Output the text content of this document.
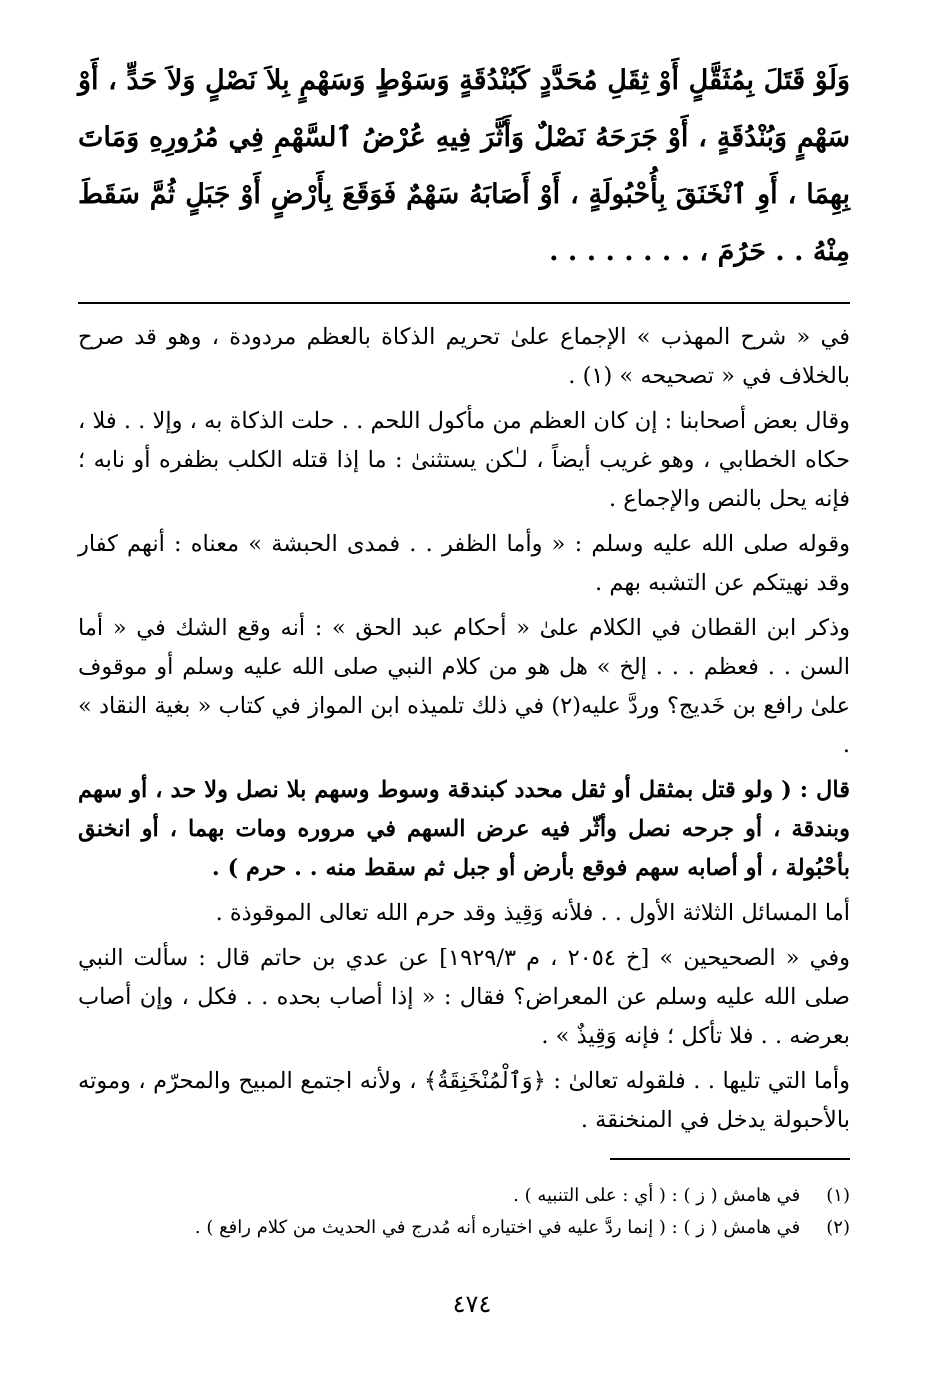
وَلَوْ قَتَلَ بِمُثَقَّلٍ أَوْ ثِقَلِ مُحَدَّدٍ كَبُنْدُقَةٍ وَسَوْطٍ وَسَهْمٍ بِلاَ نَصْلٍ وَلاَ حَدٍّ ، أَوْ سَهْمٍ وَبُنْدُقَةٍ ، أَوْ جَرَحَهُ نَصْلٌ وَأَثَّرَ فِيهِ عُرْضُ ٱلسَّهْمِ فِي مُرُورِهِ وَمَاتَ بِهِمَا ، أَوِ ٱنْخَنَقَ بِأُحْبُولَةٍ ، أَوْ أَصَابَهُ سَهْمٌ فَوَقَعَ بِأَرْضٍ أَوْ جَبَلٍ ثُمَّ سَقَطَ مِنْهُ . . حَرُمَ ، . . . . . . . .

في « شرح المهذب » الإجماع علىٰ تحريم الذكاة بالعظم مردودة ، وهو قد صرح بالخلاف في « تصحيحه » (١) .

وقال بعض أصحابنا : إن كان العظم من مأكول اللحم . . حلت الذكاة به ، وإلا . . فلا ، حكاه الخطابي ، وهو غريب أيضاً ، لـٰكن يستثنىٰ : ما إذا قتله الكلب بظفره أو نابه ؛ فإنه يحل بالنص والإجماع .

وقوله صلى الله عليه وسلم : « وأما الظفر . . فمدى الحبشة » معناه : أنهم كفار وقد نهيتكم عن التشبه بهم .

وذكر ابن القطان في الكلام علىٰ « أحكام عبد الحق » : أنه وقع الشك في « أما السن . . فعظم . . . إلخ » هل هو من كلام النبي صلى الله عليه وسلم أو موقوف علىٰ رافع بن خَديج؟ وردَّ عليه(٢) في ذلك تلميذه ابن المواز في كتاب « بغية النقاد » .

قال : ( ولو قتل بمثقل أو ثقل محدد كبندقة وسوط وسهم بلا نصل ولا حد ، أو سهم وبندقة ، أو جرحه نصل وأثّر فيه عرض السهم في مروره ومات بهما ، أو انخنق بأحْبُولة ، أو أصابه سهم فوقع بأرض أو جبل ثم سقط منه . . حرم ) .

أما المسائل الثلاثة الأول . . فلأنه وَقِيذ وقد حرم الله تعالى الموقوذة .

وفي « الصحيحين » [خ ٢٠٥٤ ، م ١٩٢٩/٣] عن عدي بن حاتم قال : سألت النبي صلى الله عليه وسلم عن المعراض؟ فقال : « إذا أصاب بحده . . فكل ، وإن أصاب بعرضه . . فلا تأكل ؛ فإنه وَقِيذٌ » .

وأما التي تليها . . فلقوله تعالىٰ : ﴿وَٱلْمُنْخَنِقَةُ﴾ ، ولأنه اجتمع المبيح والمحرّم ، وموته بالأحبولة يدخل في المنخنقة .

(١) في هامش ( ز ) : ( أي : على التنبيه ) .
(٢) في هامش ( ز ) : ( إنما ردَّ عليه في اختياره أنه مُدرج في الحديث من كلام رافع ) .
٤٧٤
